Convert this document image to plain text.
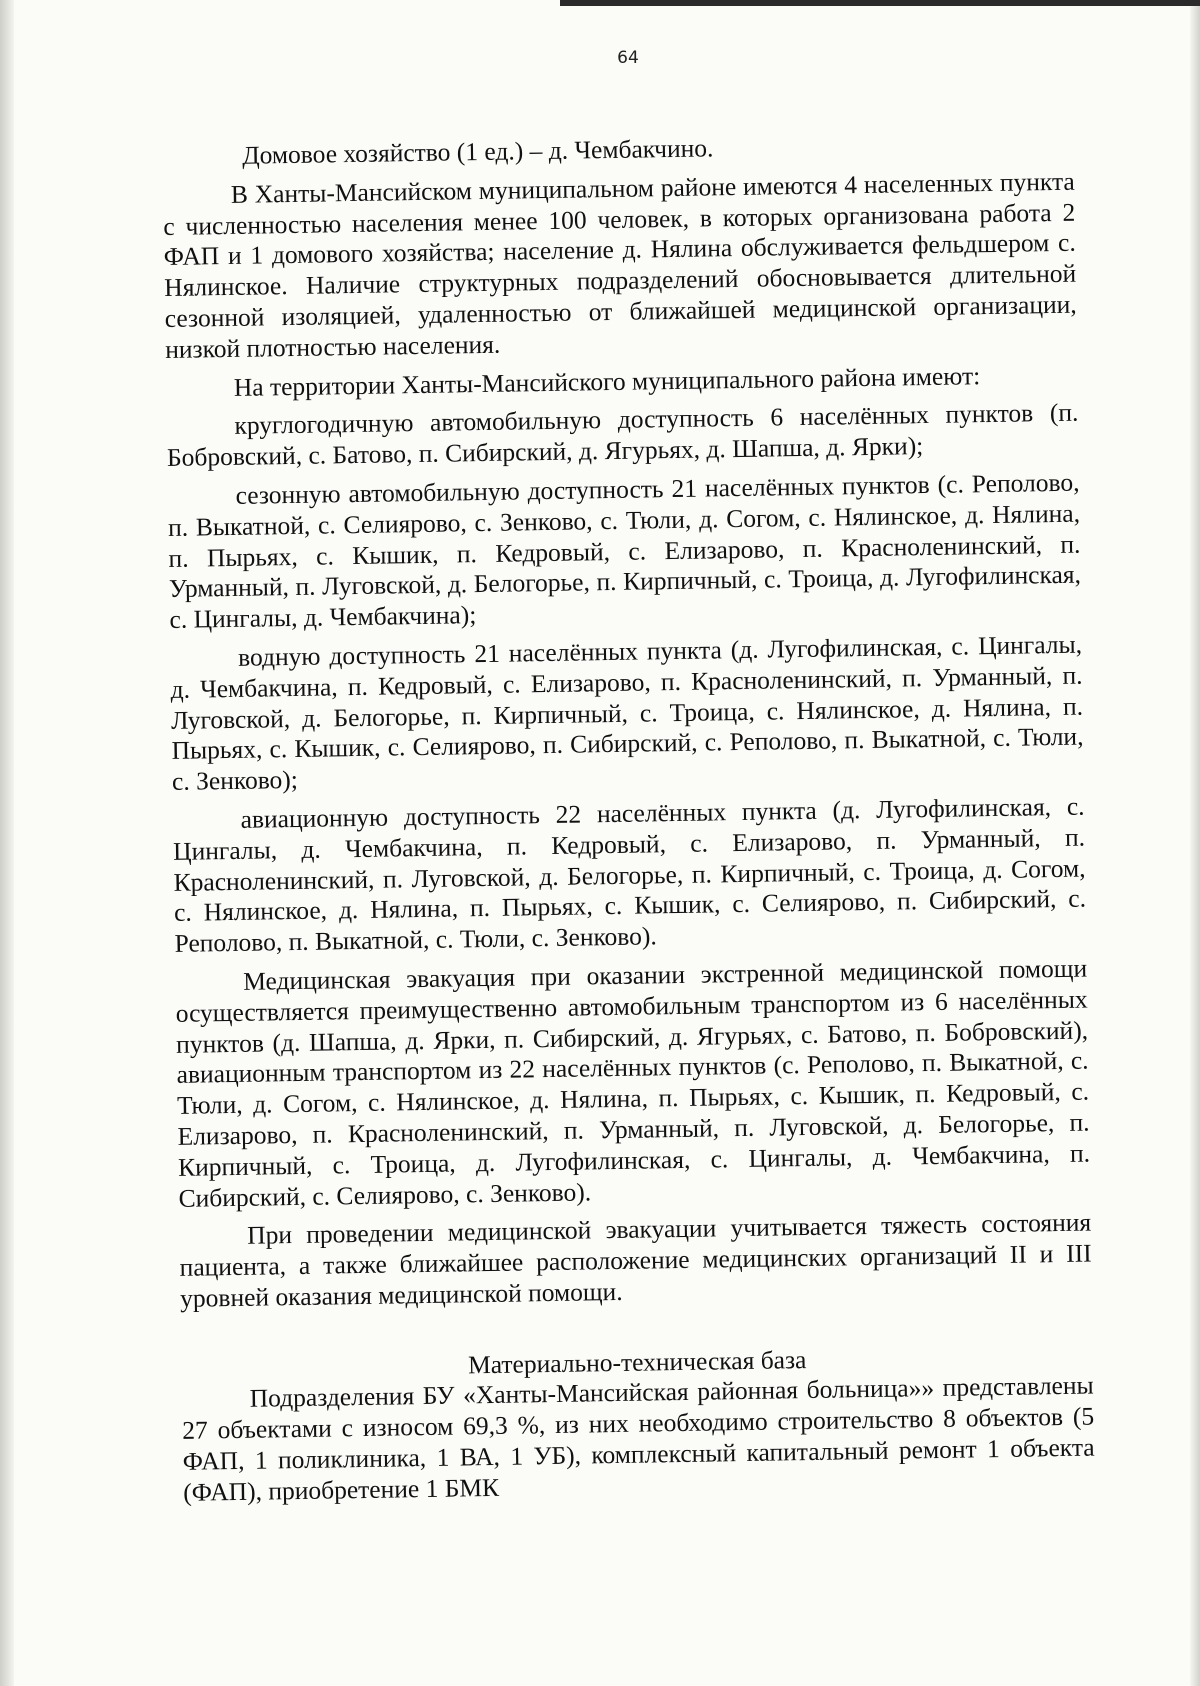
64

Домовое хозяйство (1 ед.) – д. Чембакчино.

В Ханты-Мансийском муниципальном районе имеются 4 населенных пункта с численностью населения менее 100 человек, в которых организована работа 2 ФАП и 1 домового хозяйства; население д. Нялина обслуживается фельдшером с. Нялинское. Наличие структурных подразделений обосновывается длительной сезонной изоляцией, удаленностью от ближайшей медицинской организации, низкой плотностью населения.

На территории Ханты-Мансийского муниципального района имеют:

круглогодичную автомобильную доступность 6 населённых пунктов (п. Бобровский, с. Батово, п. Сибирский, д. Ягурьях, д. Шапша, д. Ярки);

сезонную автомобильную доступность 21 населённых пунктов (с. Реполово, п. Выкатной, с. Селиярово, с. Зенково, с. Тюли, д. Согом, с. Нялинское, д. Нялина, п. Пырьях, с. Кышик, п. Кедровый, с. Елизарово, п. Красноленинский, п. Урманный, п. Луговской, д. Белогорье, п. Кирпичный, с. Троица, д. Лугофилинская, с. Цингалы, д. Чембакчина);

водную доступность 21 населённых пункта (д. Лугофилинская, с. Цингалы, д. Чембакчина, п. Кедровый, с. Елизарово, п. Красноленинский, п. Урманный, п. Луговской, д. Белогорье, п. Кирпичный, с. Троица, с. Нялинское, д. Нялина, п. Пырьях, с. Кышик, с. Селиярово, п. Сибирский, с. Реполово, п. Выкатной, с. Тюли, с. Зенково);

авиационную доступность 22 населённых пункта (д. Лугофилинская, с. Цингалы, д. Чембакчина, п. Кедровый, с. Елизарово, п. Урманный, п. Красноленинский, п. Луговской, д. Белогорье, п. Кирпичный, с. Троица, д. Согом, с. Нялинское, д. Нялина, п. Пырьях, с. Кышик, с. Селиярово, п. Сибирский, с. Реполово, п. Выкатной, с. Тюли, с. Зенково).

Медицинская эвакуация при оказании экстренной медицинской помощи осуществляется преимущественно автомобильным транспортом из 6 населённых пунктов (д. Шапша, д. Ярки, п. Сибирский, д. Ягурьях, с. Батово, п. Бобровский), авиационным транспортом из 22 населённых пунктов (с. Реполово, п. Выкатной, с. Тюли, д. Согом, с. Нялинское, д. Нялина, п. Пырьях, с. Кышик, п. Кедровый, с. Елизарово, п. Красноленинский, п. Урманный, п. Луговской, д. Белогорье, п. Кирпичный, с. Троица, д. Лугофилинская, с. Цингалы, д. Чембакчина, п. Сибирский, с. Селиярово, с. Зенково).

При проведении медицинской эвакуации учитывается тяжесть состояния пациента, а также ближайшее расположение медицинских организаций II и III уровней оказания медицинской помощи.

Материально-техническая база

Подразделения БУ «Ханты-Мансийская районная больница»» представлены 27 объектами с износом 69,3 %, из них необходимо строительство 8 объектов (5 ФАП, 1 поликлиника, 1 ВА, 1 УБ), комплексный капитальный ремонт 1 объекта (ФАП), приобретение 1 БМК
